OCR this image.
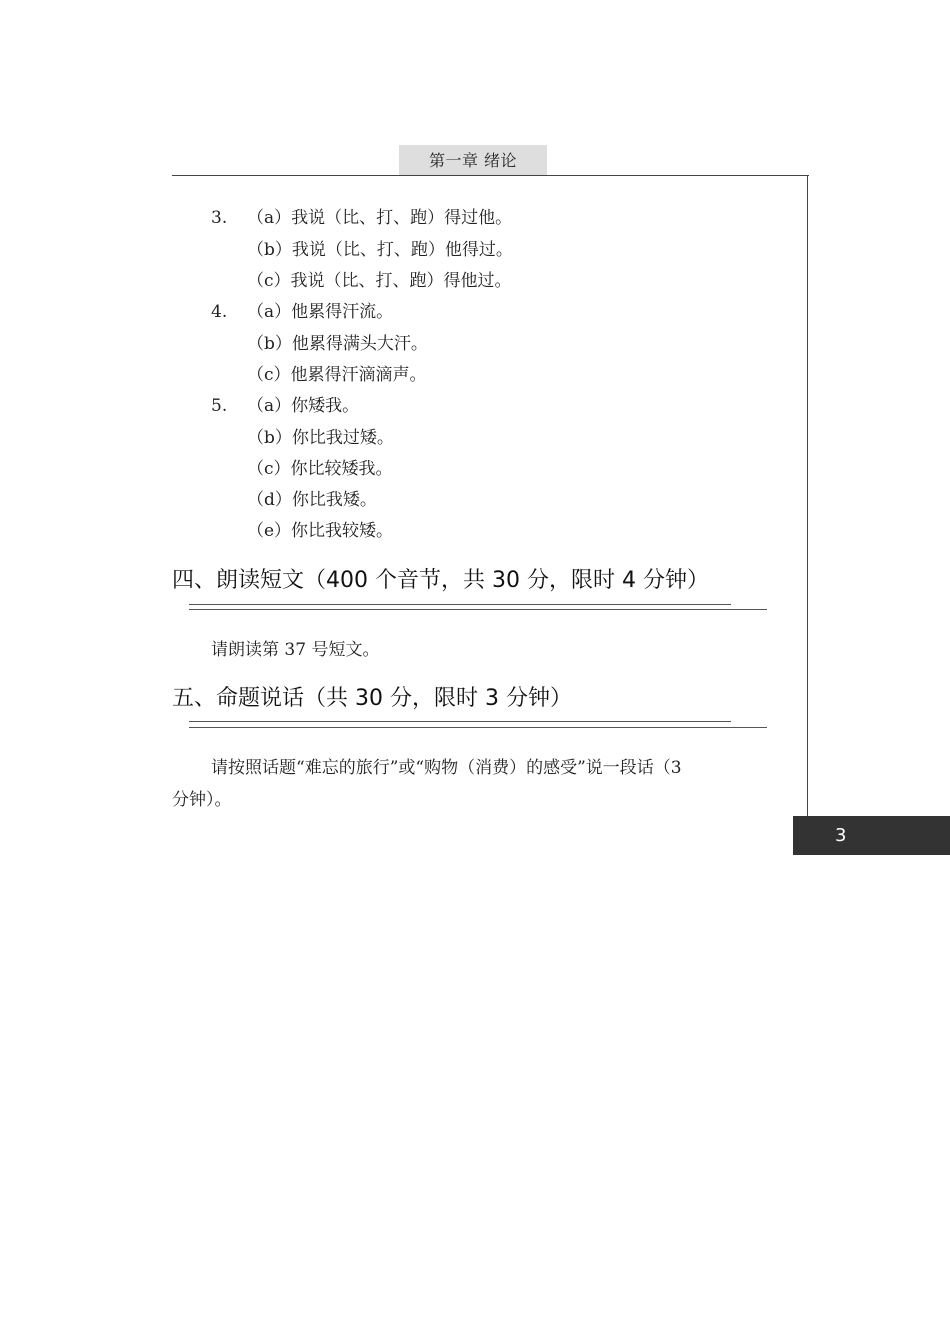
第一章 绪论
3. （a）我说（比、打、跑）得过他。
（b）我说（比、打、跑）他得过。
（c）我说（比、打、跑）得他过。
4. （a）他累得汗流。
（b）他累得满头大汗。
（c）他累得汗滴滴声。
5. （a）你矮我。
（b）你比我过矮。
（c）你比较矮我。
（d）你比我矮。
（e）你比我较矮。
四、朗读短文（400 个音节，共 30 分，限时 4 分钟）
请朗读第 37 号短文。
五、命题说话（共 30 分，限时 3 分钟）
请按照话题“难忘的旅行”或“购物（消费）的感受”说一段话（3
分钟）。
3
